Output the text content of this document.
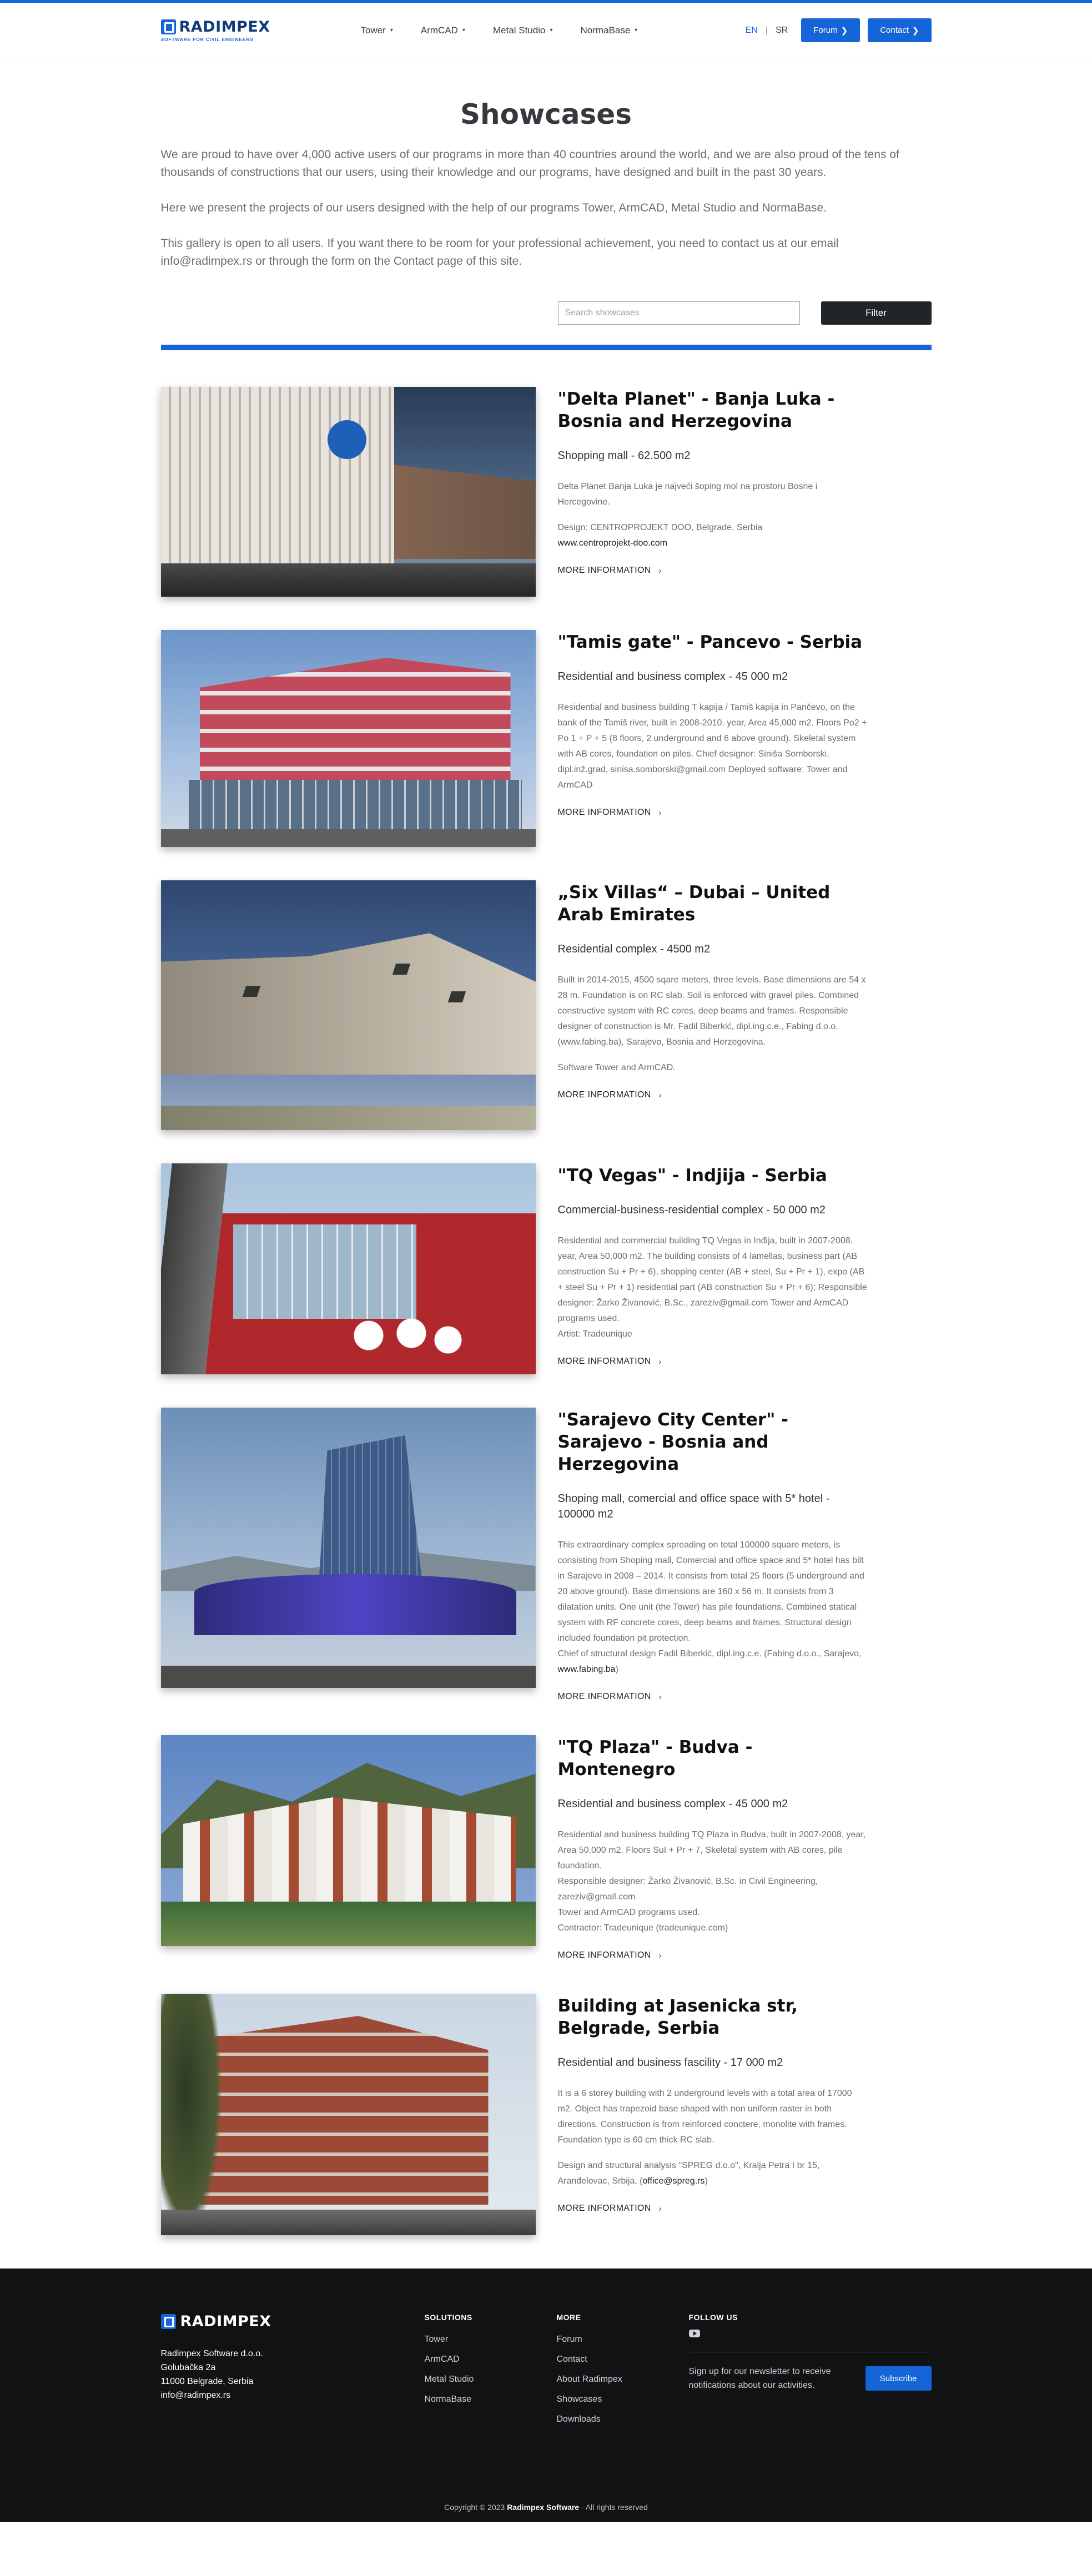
RADIMPEX
SOFTWARE FOR CIVIL ENGINEERS
Tower ▾	ArmCAD ▾	Metal Studio ▾	NormaBase ▾	EN | SR	Forum ❯	Contact ❯
Showcases

We are proud to have over 4,000 active users of our programs in more than 40 countries around the world, and we are also proud of the tens of thousands of constructions that our users, using their knowledge and our programs, have designed and built in the past 30 years.

Here we present the projects of our users designed with the help of our programs Tower, ArmCAD, Metal Studio and NormaBase.

This gallery is open to all users. If you want there to be room for your professional achievement, you need to contact us at our email info@radimpex.rs or through the form on the Contact page of this site.

Search showcases
Filter
"Delta Planet" - Banja Luka - Bosnia and Herzegovina
Shopping mall - 62.500 m2
Delta Planet Banja Luka je najveći šoping mol na prostoru Bosne i Hercegovine.
Design: CENTROPROJEKT DOO, Belgrade, Serbia
www.centroprojekt-doo.com
MORE INFORMATION ›
"Tamis gate" - Pancevo - Serbia
Residential and business complex - 45 000 m2
Residential and business building T kapija / Tamiš kapija in Pančevo, on the bank of the Tamiš river, built in 2008-2010. year, Area 45,000 m2. Floors Po2 + Po 1 + P + 5 (8 floors, 2 underground and 6 above ground). Skeletal system with AB cores, foundation on piles. Chief designer: Siniša Somborski, dipl.inž.grad, sinisa.somborski@gmail.com Deployed software: Tower and ArmCAD
MORE INFORMATION ›
„Six Villas“ – Dubai – United Arab Emirates
Residential complex - 4500 m2
Built in 2014-2015, 4500 sqare meters, three levels. Base dimensions are 54 x 28 m. Foundation is on RC slab. Soil is enforced with gravel piles. Combined constructive system with RC cores, deep beams and frames. Responsible designer of construction is Mr. Fadil Biberkić, dipl.ing.c.e., Fabing d.o.o. (www.fabing.ba), Sarajevo, Bosnia and Herzegovina.
Software Tower and ArmCAD.
MORE INFORMATION ›
"TQ Vegas" - Indjija - Serbia
Commercial-business-residential complex - 50 000 m2
Residential and commercial building TQ Vegas in Inđija, built in 2007-2008. year, Area 50,000 m2. The building consists of 4 lamellas, business part (AB construction Su + Pr + 6), shopping center (AB + steel, Su + Pr + 1), expo (AB + steel Su + Pr + 1) residential part (AB construction Su + Pr + 6); Responsible designer: Žarko Živanović, B.Sc., zareziv@gmail.com Tower and ArmCAD programs used.
Artist: Tradeunique
MORE INFORMATION ›
"Sarajevo City Center" - Sarajevo - Bosnia and Herzegovina
Shoping mall, comercial and office space with 5* hotel - 100000 m2
This extraordinary complex spreading on total 100000 square meters, is consisting from Shoping mall, Comercial and office space and 5* hotel has bilt in Sarajevo in 2008 – 2014. It consists from total 25 floors (5 underground and 20 above ground). Base dimensions are 160 x 56 m. It consists from 3 dilatation units. One unit (the Tower) has pile foundations. Combined statical system with RF concrete cores, deep beams and frames. Structural design included foundation pit protection.
Chief of structural design Fadil Biberkić, dipl.ing.c.e. (Fabing d.o.o., Sarajevo, www.fabing.ba)
MORE INFORMATION ›
"TQ Plaza" - Budva - Montenegro
Residential and business complex - 45 000 m2
Residential and business building TQ Plaza in Budva, built in 2007-2008. year, Area 50,000 m2. Floors SuI + Pr + 7, Skeletal system with AB cores, pile foundation.
Responsible designer: Žarko Živanović, B.Sc. in Civil Engineering, zareziv@gmail.com
Tower and ArmCAD programs used.
Contractor: Tradeunique (tradeunique.com)
MORE INFORMATION ›
Building at Jasenicka str, Belgrade, Serbia
Residential and business fascility - 17 000 m2
It is a 6 storey building with 2 underground levels with a total area of 17000 m2. Object has trapezoid base shaped with non uniform raster in both directions. Construction is from reinforced conctere, monolite with frames. Foundation type is 60 cm thick RC slab.
Design and structural analysis "SPREG d.o.o", Kralja Petra I br 15, Aranđelovac, Srbija, (office@spreg.rs)
MORE INFORMATION ›
RADIMPEX
Radimpex Software d.o.o.
Golubačka 2a
11000 Belgrade, Serbia
info@radimpex.rs
SOLUTIONS
Tower
ArmCAD
Metal Studio
NormaBase
MORE
Forum
Contact
About Radimpex
Showcases
Downloads
FOLLOW US
Sign up for our newsletter to receive notifications about our activities.
Subscribe
Copyright © 2023 Radimpex Software - All rights reserved
